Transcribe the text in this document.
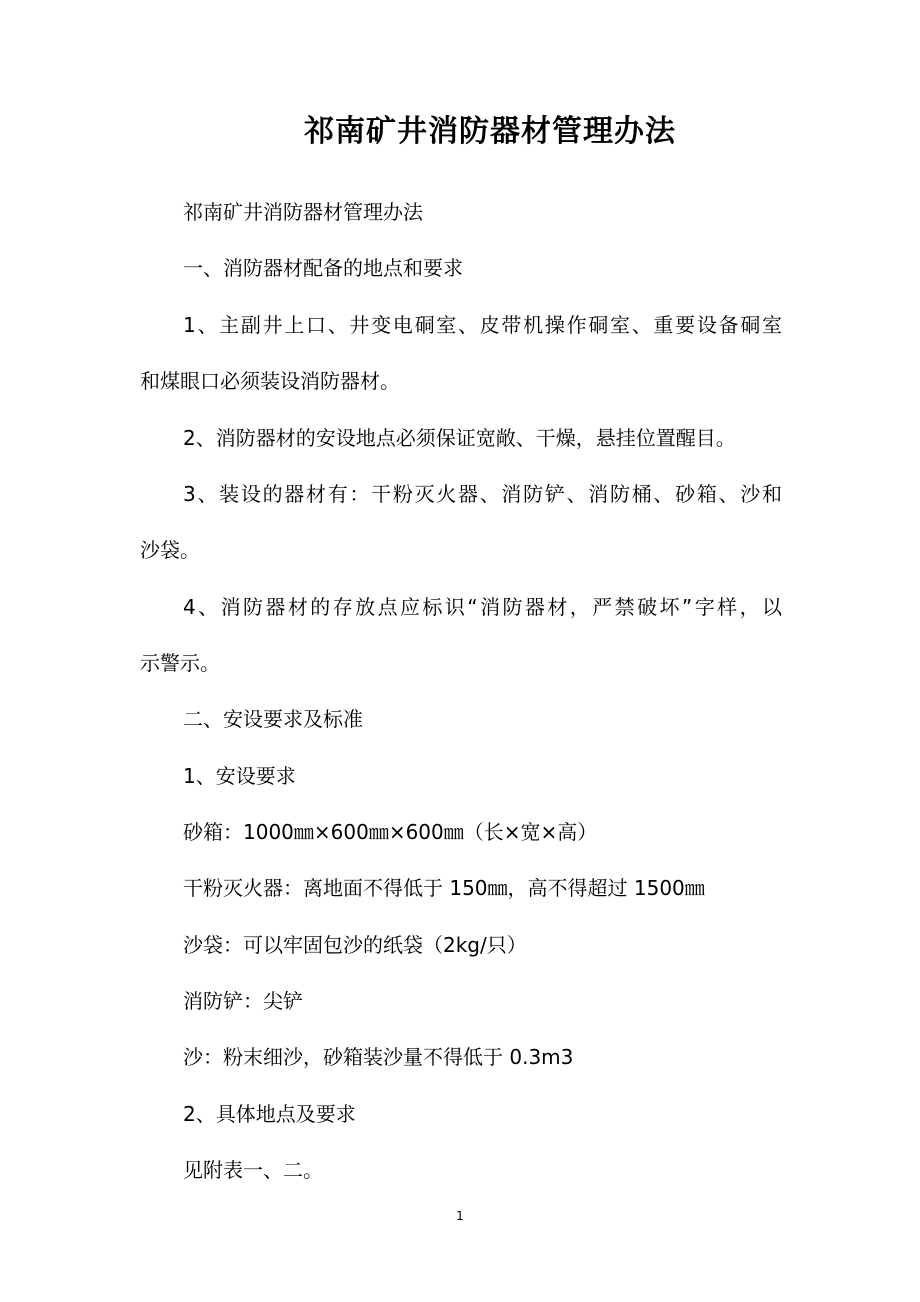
祁南矿井消防器材管理办法
祁南矿井消防器材管理办法
一、消防器材配备的地点和要求
1、主副井上口、井变电硐室、皮带机操作硐室、重要设备硐室
和煤眼口必须装设消防器材。
2、消防器材的安设地点必须保证宽敞、干燥，悬挂位置醒目。
3、装设的器材有：干粉灭火器、消防铲、消防桶、砂箱、沙和
沙袋。
4、消防器材的存放点应标识“消防器材，严禁破坏”字样，以
示警示。
二、安设要求及标准
1、安设要求
砂箱：1000㎜×600㎜×600㎜（长×宽×高）
干粉灭火器：离地面不得低于 150㎜，高不得超过 1500㎜
沙袋：可以牢固包沙的纸袋（2kg/只）
消防铲：尖铲
沙：粉末细沙，砂箱装沙量不得低于 0.3m3
2、具体地点及要求
见附表一、二。
1
